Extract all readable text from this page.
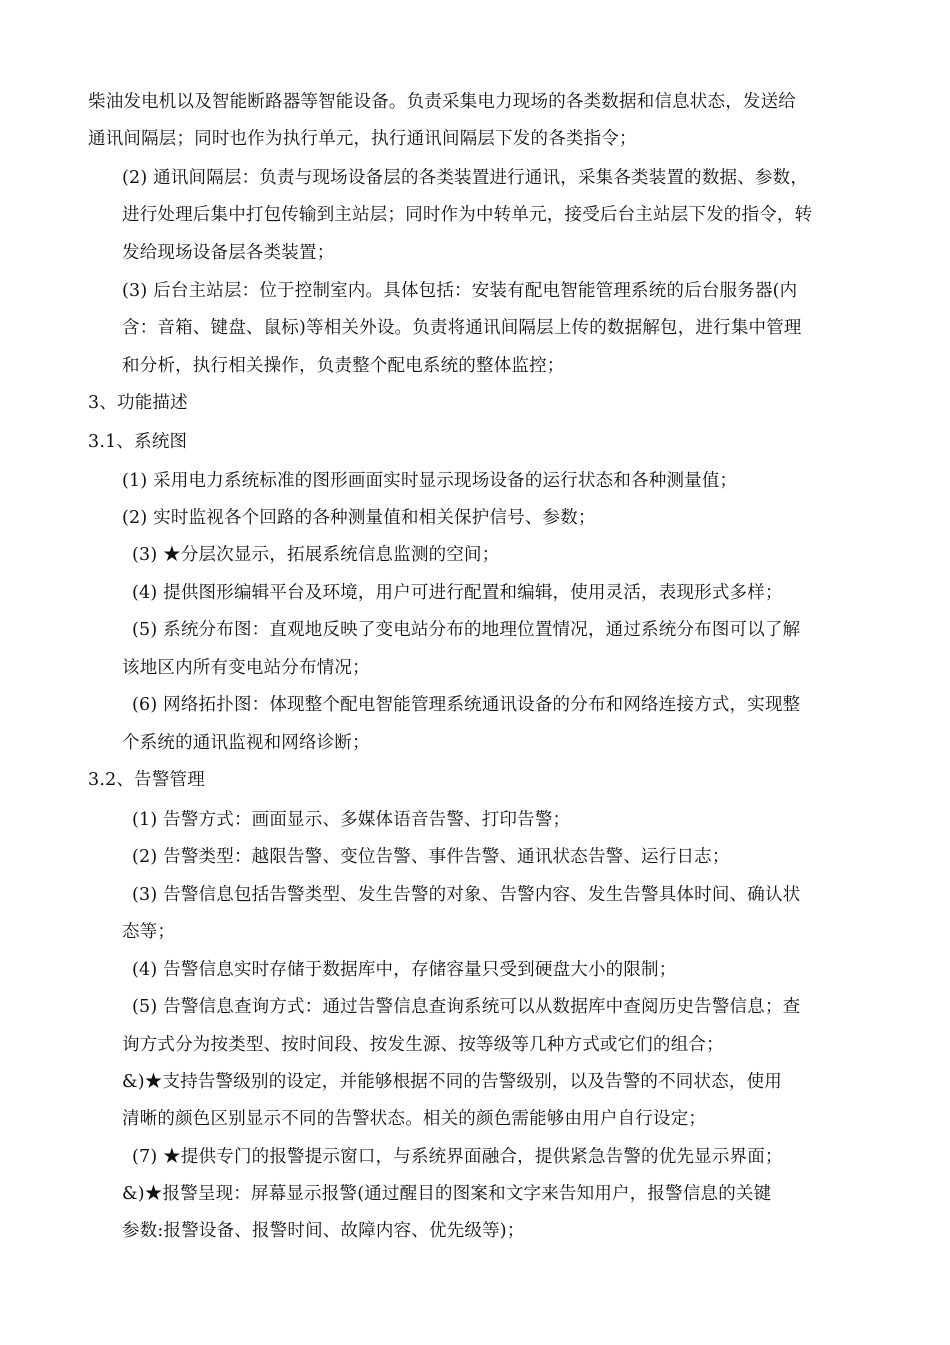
柴油发电机以及智能断路器等智能设备。负责采集电力现场的各类数据和信息状态，发送给
通讯间隔层；同时也作为执行单元，执行通讯间隔层下发的各类指令；
(2) 通讯间隔层：负责与现场设备层的各类装置进行通讯，采集各类装置的数据、参数，
进行处理后集中打包传输到主站层；同时作为中转单元，接受后台主站层下发的指令，转
发给现场设备层各类装置；
(3) 后台主站层：位于控制室内。具体包括：安装有配电智能管理系统的后台服务器(内
含：音箱、键盘、鼠标)等相关外设。负责将通讯间隔层上传的数据解包，进行集中管理
和分析，执行相关操作，负责整个配电系统的整体监控；
3、功能描述
3.1、系统图
(1) 采用电力系统标准的图形画面实时显示现场设备的运行状态和各种测量值；
(2) 实时监视各个回路的各种测量值和相关保护信号、参数；
(3) ★分层次显示，拓展系统信息监测的空间；
(4) 提供图形编辑平台及环境，用户可进行配置和编辑，使用灵活，表现形式多样；
(5) 系统分布图：直观地反映了变电站分布的地理位置情况，通过系统分布图可以了解
该地区内所有变电站分布情况；
(6) 网络拓扑图：体现整个配电智能管理系统通讯设备的分布和网络连接方式，实现整
个系统的通讯监视和网络诊断；
3.2、告警管理
(1) 告警方式：画面显示、多媒体语音告警、打印告警；
(2) 告警类型：越限告警、变位告警、事件告警、通讯状态告警、运行日志；
(3) 告警信息包括告警类型、发生告警的对象、告警内容、发生告警具体时间、确认状
态等；
(4) 告警信息实时存储于数据库中，存储容量只受到硬盘大小的限制；
(5) 告警信息查询方式：通过告警信息查询系统可以从数据库中查阅历史告警信息；查
询方式分为按类型、按时间段、按发生源、按等级等几种方式或它们的组合；
&)★支持告警级别的设定，并能够根据不同的告警级别，以及告警的不同状态，使用
清晰的颜色区别显示不同的告警状态。相关的颜色需能够由用户自行设定；
(7) ★提供专门的报警提示窗口，与系统界面融合，提供紧急告警的优先显示界面；
&)★报警呈现：屏幕显示报警(通过醒目的图案和文字来告知用户，报警信息的关键
参数:报警设备、报警时间、故障内容、优先级等)；
